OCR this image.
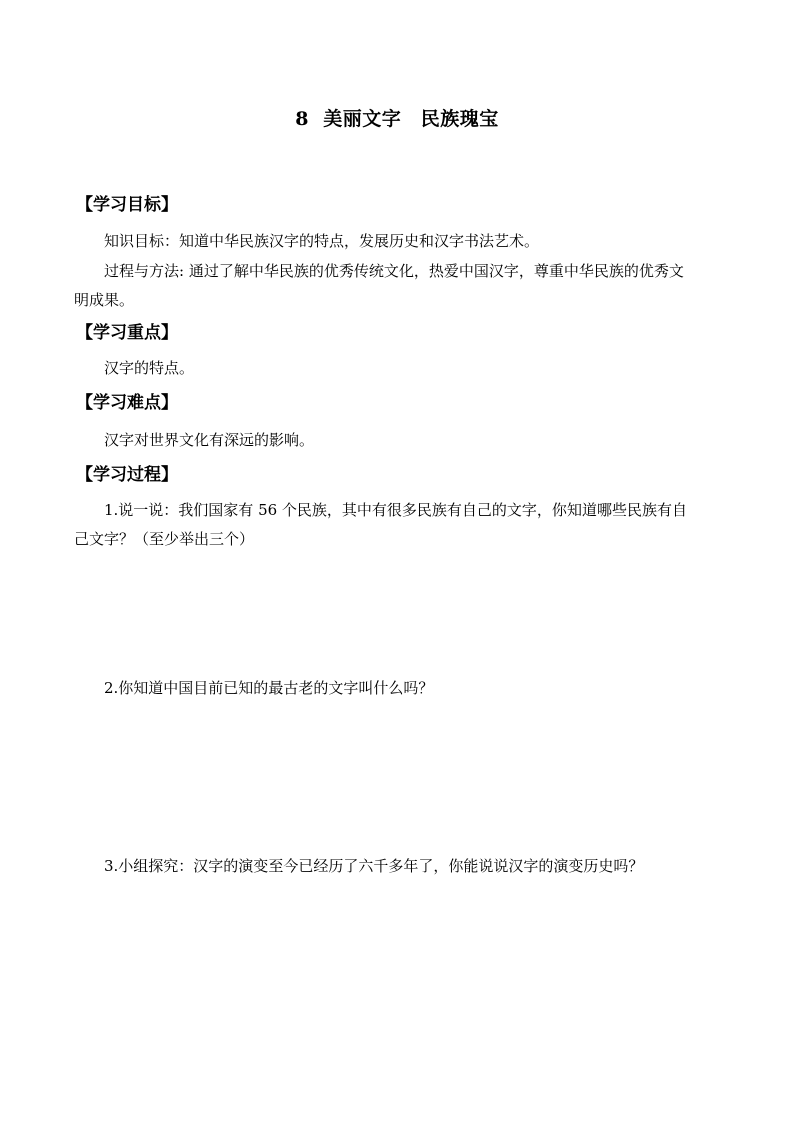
8  美丽文字　民族瑰宝
【学习目标】
知识目标：知道中华民族汉字的特点，发展历史和汉字书法艺术。
过程与方法: 通过了解中华民族的优秀传统文化，热爱中国汉字，尊重中华民族的优秀文
明成果。
【学习重点】
汉字的特点。
【学习难点】
汉字对世界文化有深远的影响。
【学习过程】
1.说一说：我们国家有 56 个民族，其中有很多民族有自己的文字，你知道哪些民族有自
己文字？（至少举出三个）
2.你知道中国目前已知的最古老的文字叫什么吗？
3.小组探究：汉字的演变至今已经历了六千多年了，你能说说汉字的演变历史吗？
